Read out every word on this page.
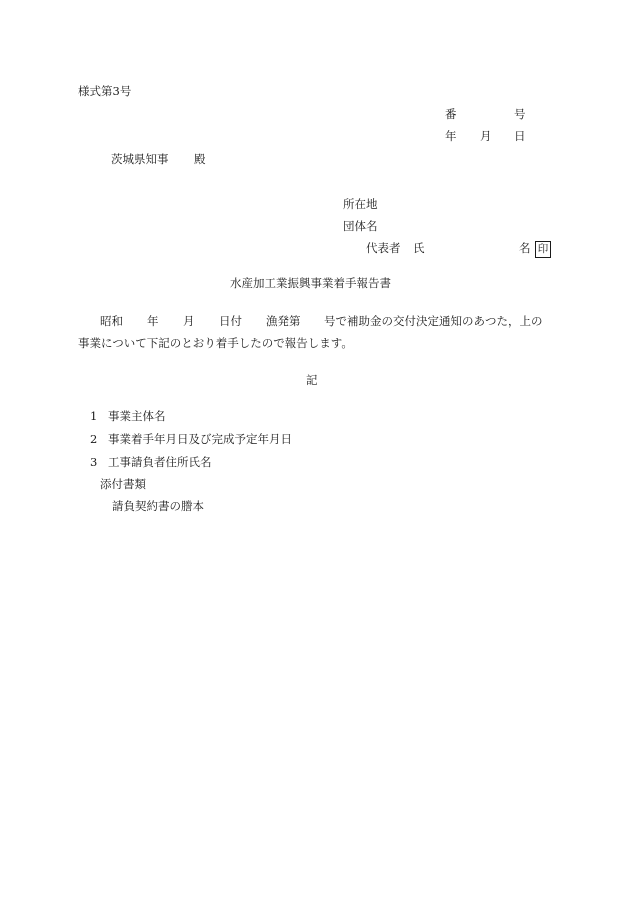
様式第3号
番	号
年 月 日
茨城県知事 殿
所在地
団体名
代表者 氏	名 印
水産加工業振興事業着手報告書
昭和 年 月 日付 漁発第 号で補助金の交付決定通知のあつた，上の
事業について下記のとおり着手したので報告します。
記
1 事業主体名
2 事業着手年月日及び完成予定年月日
3 工事請負者住所氏名
添付書類
請負契約書の謄本
